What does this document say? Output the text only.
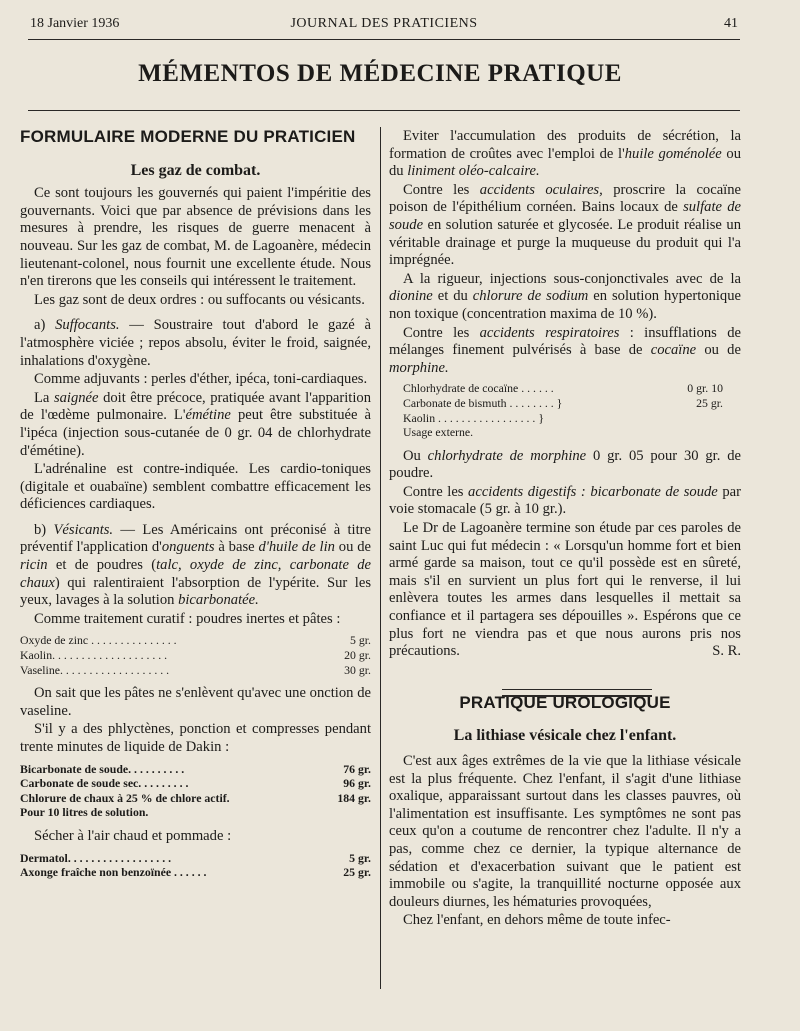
18 Janvier 1936	JOURNAL DES PRATICIENS	41
MÉMENTOS DE MÉDECINE PRATIQUE
FORMULAIRE MODERNE DU PRATICIEN
Les gaz de combat.

Ce sont toujours les gouvernés qui paient l'impéritie des gouvernants. Voici que par absence de prévisions dans les mesures à prendre, les risques de guerre menacent à nouveau. Sur les gaz de combat, M. de Lagoanère, médecin lieutenant-colonel, nous fournit une excellente étude. Nous n'en tirerons que les conseils qui intéressent le traitement.

Les gaz sont de deux ordres : ou suffocants ou vésicants.

a) Suffocants. — Soustraire tout d'abord le gazé à l'atmosphère viciée ; repos absolu, éviter le froid, saignée, inhalations d'oxygène.

Comme adjuvants : perles d'éther, ipéca, toni-cardiaques.

La saignée doit être précoce, pratiquée avant l'apparition de l'œdème pulmonaire. L'émétine peut être substituée à l'ipéca (injection sous-cutanée de 0 gr. 04 de chlorhydrate d'émétine).

L'adrénaline est contre-indiquée. Les cardio-toniques (digitale et ouabaïne) semblent combattre efficacement les déficiences cardiaques.

b) Vésicants. — Les Américains ont préconisé à titre préventif l'application d'onguents à base d'huile de lin ou de ricin et de poudres (talc, oxyde de zinc, carbonate de chaux) qui ralentiraient l'absorption de l'ypérite. Sur les yeux, lavages à la solution bicarbonatée.

Comme traitement curatif : poudres inertes et pâtes :

Oxyde de zinc . . . . . . . . . . . . . . .	5 gr.
Kaolin. . . . . . . . . . . . . . . . . . . .	20 gr.
Vaseline. . . . . . . . . . . . . . . . . . .	30 gr.

On sait que les pâtes ne s'enlèvent qu'avec une onction de vaseline.

S'il y a des phlyctènes, ponction et compresses pendant trente minutes de liquide de Dakin :

Bicarbonate de soude. . . . . . . . . .	76 gr.
Carbonate de soude sec. . . . . . . . .	96 gr.
Chlorure de chaux à 25 % de chlore actif.	184 gr.
Pour 10 litres de solution.	

Sécher à l'air chaud et pommade :

Dermatol. . . . . . . . . . . . . . . . . .	5 gr.
Axonge fraîche non benzoïnée . . . . . .	25 gr.

Eviter l'accumulation des produits de sécrétion, la formation de croûtes avec l'emploi de l'huile goménolée ou du liniment oléo-calcaire.

Contre les accidents oculaires, proscrire la cocaïne poison de l'épithélium cornéen. Bains locaux de sulfate de soude en solution saturée et glycosée. Le produit réalise un véritable drainage et purge la muqueuse du produit qui l'a imprégnée.

A la rigueur, injections sous-conjonctivales avec de la dionine et du chlorure de sodium en solution hypertonique non toxique (concentration maxima de 10 %).

Contre les accidents respiratoires : insufflations de mélanges finement pulvérisés à base de cocaïne ou de morphine.

Chlorhydrate de cocaïne . . . . . .	0 gr. 10
Carbonate de bismuth . . . . . . . . }	25 gr.
Kaolin . . . . . . . . . . . . . . . . . }	
Usage externe.	

Ou chlorhydrate de morphine 0 gr. 05 pour 30 gr. de poudre.

Contre les accidents digestifs : bicarbonate de soude par voie stomacale (5 gr. à 10 gr.).

Le Dr de Lagoanère termine son étude par ces paroles de saint Luc qui fut médecin : « Lorsqu'un homme fort et bien armé garde sa maison, tout ce qu'il possède est en sûreté, mais s'il en survient un plus fort qui le renverse, il lui enlèvera toutes les armes dans lesquelles il mettait sa confiance et il partagera ses dépouilles ». Espérons que ce plus fort ne viendra pas et que nous aurons pris nos précautions.	S. R.

PRATIQUE UROLOGIQUE
La lithiase vésicale chez l'enfant.

C'est aux âges extrêmes de la vie que la lithiase vésicale est la plus fréquente. Chez l'enfant, il s'agit d'une lithiase oxalique, apparaissant surtout dans les classes pauvres, où l'alimentation est insuffisante. Les symptômes ne sont pas ceux qu'on a coutume de rencontrer chez l'adulte. Il n'y a pas, comme chez ce dernier, la typique alternance de sédation et d'exacerbation suivant que le patient est immobile ou s'agite, la tranquillité nocturne opposée aux douleurs diurnes, les hématuries provoquées,

Chez l'enfant, en dehors même de toute infec-
